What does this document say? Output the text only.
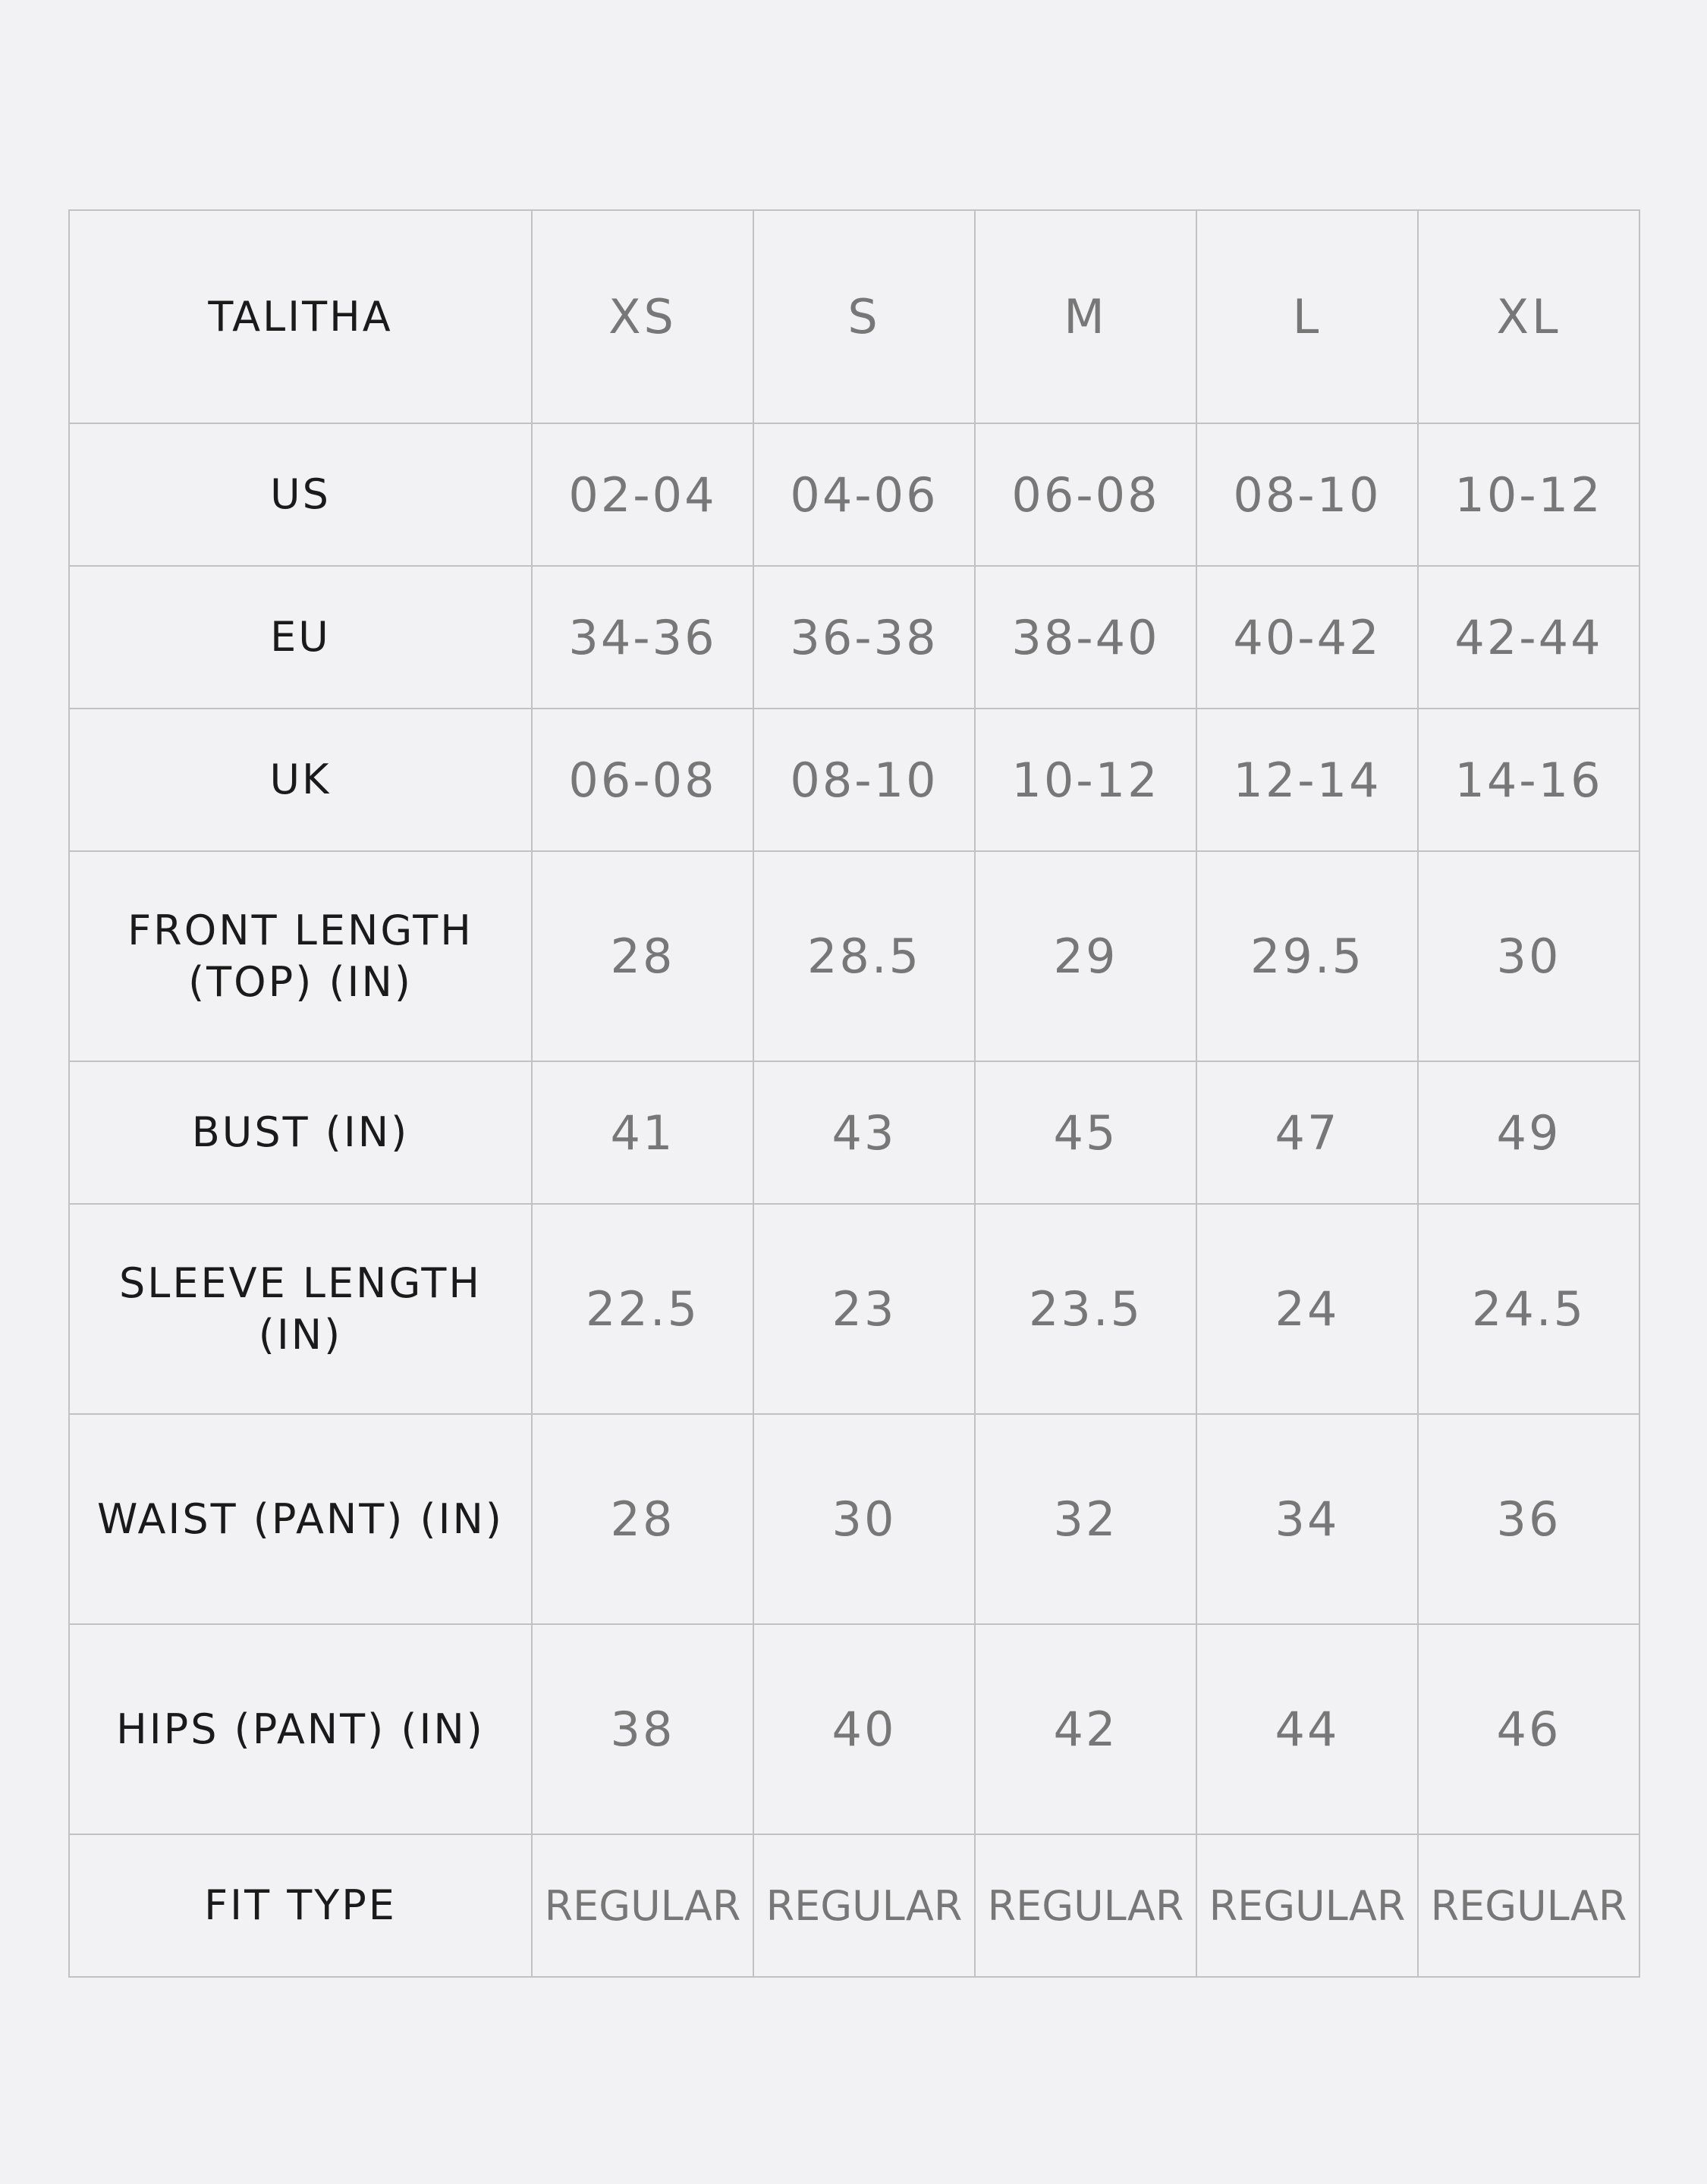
TALITHA	XS	S	M	L	XL
US	02-04	04-06	06-08	08-10	10-12
EU	34-36	36-38	38-40	40-42	42-44
UK	06-08	08-10	10-12	12-14	14-16
FRONT LENGTH (TOP) (IN)	28	28.5	29	29.5	30
BUST (IN)	41	43	45	47	49
SLEEVE LENGTH (IN)	22.5	23	23.5	24	24.5
WAIST (PANT) (IN)	28	30	32	34	36
HIPS (PANT) (IN)	38	40	42	44	46
FIT TYPE	REGULAR	REGULAR	REGULAR	REGULAR	REGULAR
